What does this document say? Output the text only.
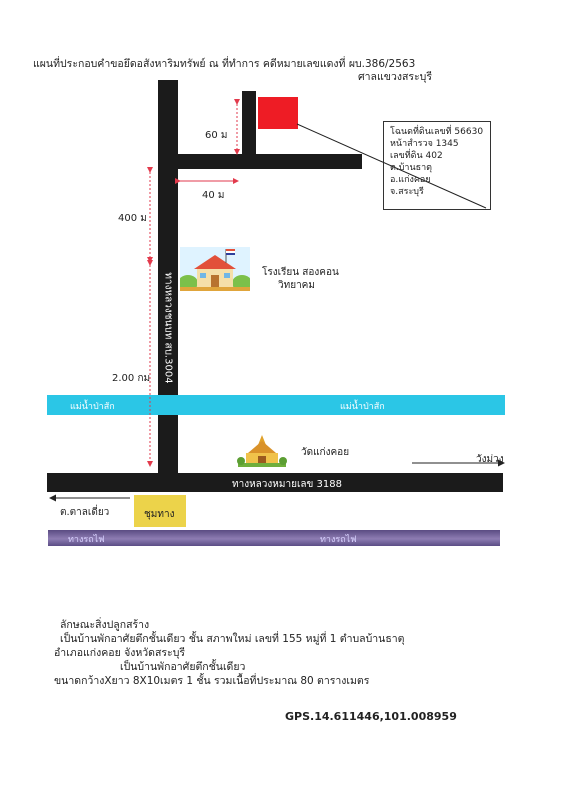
แผนที่ประกอบคำขอยึดอสังหาริมทรัพย์ ณ ที่ทำการ คดีหมายเลขแดงที่ ผบ.386/2563
ศาลแขวงสระบุรี
ทางหลวงชนบท สบ.3004
ทางหลวงหมายเลข 3188
แม่น้ำป่าสัก	แม่น้ำป่าสัก
ชุมทาง
ทางรถไฟ	ทางรถไฟ
โฉนดที่ดินเลขที่ 56630
หน้าสำรวจ 1345
เลขที่ดิน 402
ต.บ้านธาตุ
อ.แก่งคอย
จ.สระบุรี
60 ม
40 ม
400 ม
2.00 กม
วังม่วง
ต.ตาลเดี่ยว
โรงเรียน สองคอน
วิทยาคม
วัดแก่งคอย
ลักษณะสิ่งปลูกสร้าง
เป็นบ้านพักอาศัยตึกชั้นเดียว ชั้น สภาพใหม่ เลขที่ 155 หมู่ที่ 1 ตำบลบ้านธาตุ
อำเภอแก่งคอย จังหวัดสระบุรี
เป็นบ้านพักอาศัยตึกชั้นเดียว
ขนาดกว้างXยาว 8X10เมตร 1 ชั้น รวมเนื้อที่ประมาณ 80 ตารางเมตร
GPS.14.611446,101.008959
